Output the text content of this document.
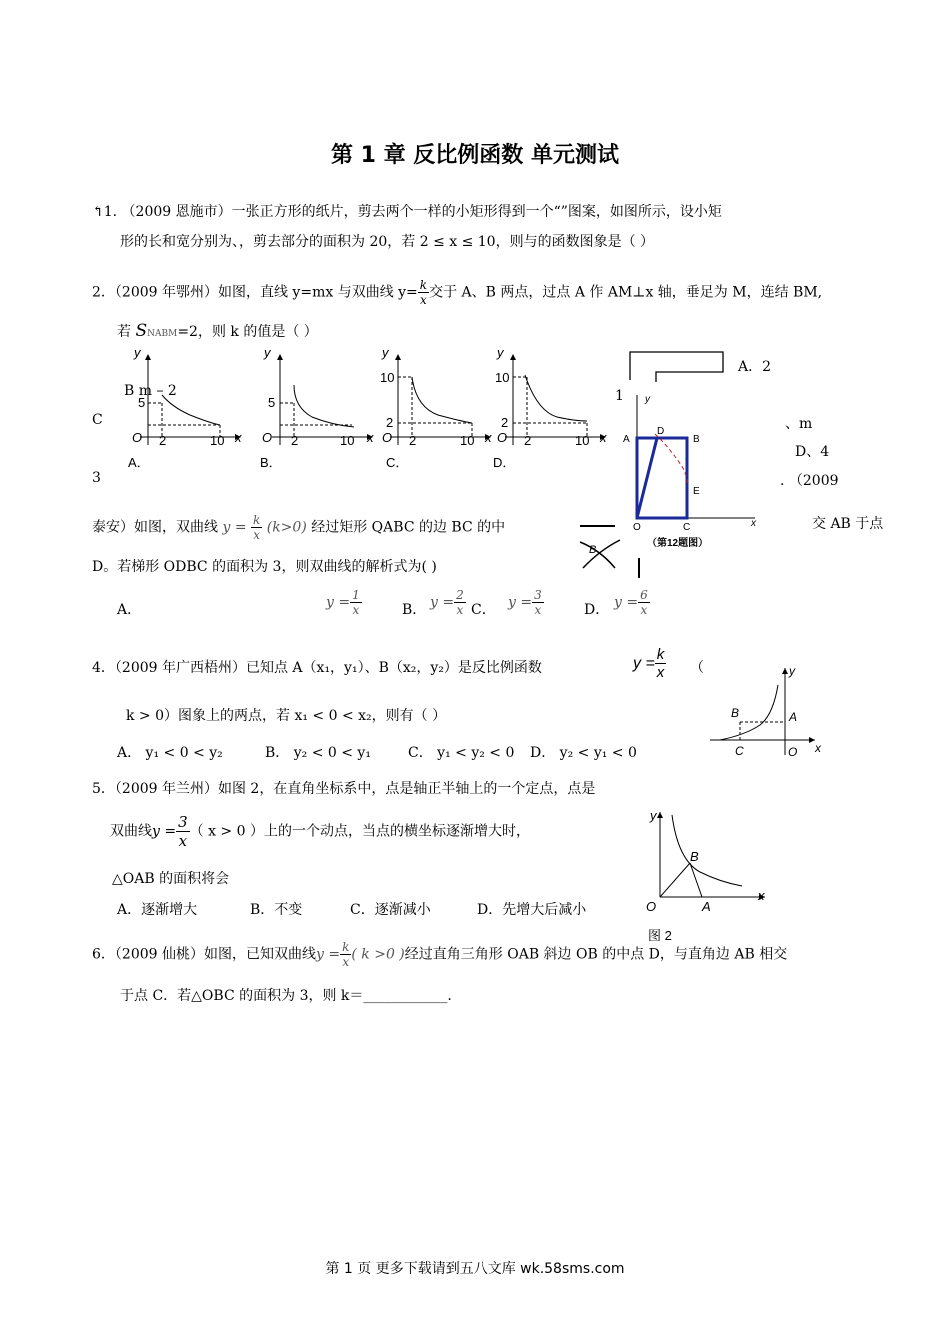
第 1 章 反比例函数 单元测试
↰1. （2009 恩施市）一张正方形的纸片，剪去两个一样的小矩形得到一个“”图案，如图所示，设小矩
形的长和宽分别为、，剪去部分的面积为 20，若 2 ≤ x ≤ 10，则与的函数图象是（ ）
2．（2009 年鄂州）如图，直线 y=mx 与双曲线 $y= \frac{k}{x}$ 交于 A、B 两点，过点 A 作 AM⊥x 轴，垂足为 M，连结 BM,
若 SNABM=2，则 k 的值是（ ）
y
x
O
5
2	10
A．
y
x
O
5
2	10
B．
y
x
O
10
2
2	10
C．
y
x
O
10
2
2	10
D．
B m – 2
C
3
1
A．2
、m
D、4
. （2009
A
D
B
E
O	C	x
y
（第12题图）
B
泰安）如图，双曲线 $y = \frac{k}{x} (k>0)$ 经过矩形 QABC 的边 BC 的中	交 AB 于点
D。若梯形 ODBC 的面积为 3，则双曲线的解析式为( )
A．	$y = \frac{1}{x}$	B． $y = \frac{2}{x}$ C． $y = \frac{3}{x}$	D． $y = \frac{6}{x}$
4．（2009 年广西梧州）已知点 A（x₁，y₁）、B（x₂，y₂）是反比例函数	$y = \frac{k}{x}$ （
k > 0）图象上的两点，若 x₁ < 0 < x₂，则有（ ）
A． y₁ < 0 < y₂	B． y₂ < 0 < y₁	C． y₁ < y₂ < 0 D． y₂ < y₁ < 0
y
B	A
C	O x
5．（2009 年兰州）如图 2，在直角坐标系中，点是轴正半轴上的一个定点，点是
双曲线$y = \frac{3}{x}$ （ x > 0 ）上的一个动点，当点的横坐标逐渐增大时，
△OAB 的面积将会
A．逐渐增大	B．不变	C．逐渐减小	D．先增大后减小
y
B
O	A
x
图 2
6．（2009 仙桃）如图，已知双曲线$y = \frac{k}{x}$ ( k >0 )经过直角三角形 OAB 斜边 OB 的中点 D，与直角边 AB 相交
于点 C．若△OBC 的面积为 3，则 k＝____________.
第 1 页 更多下载请到五八文库 wk.58sms.com
